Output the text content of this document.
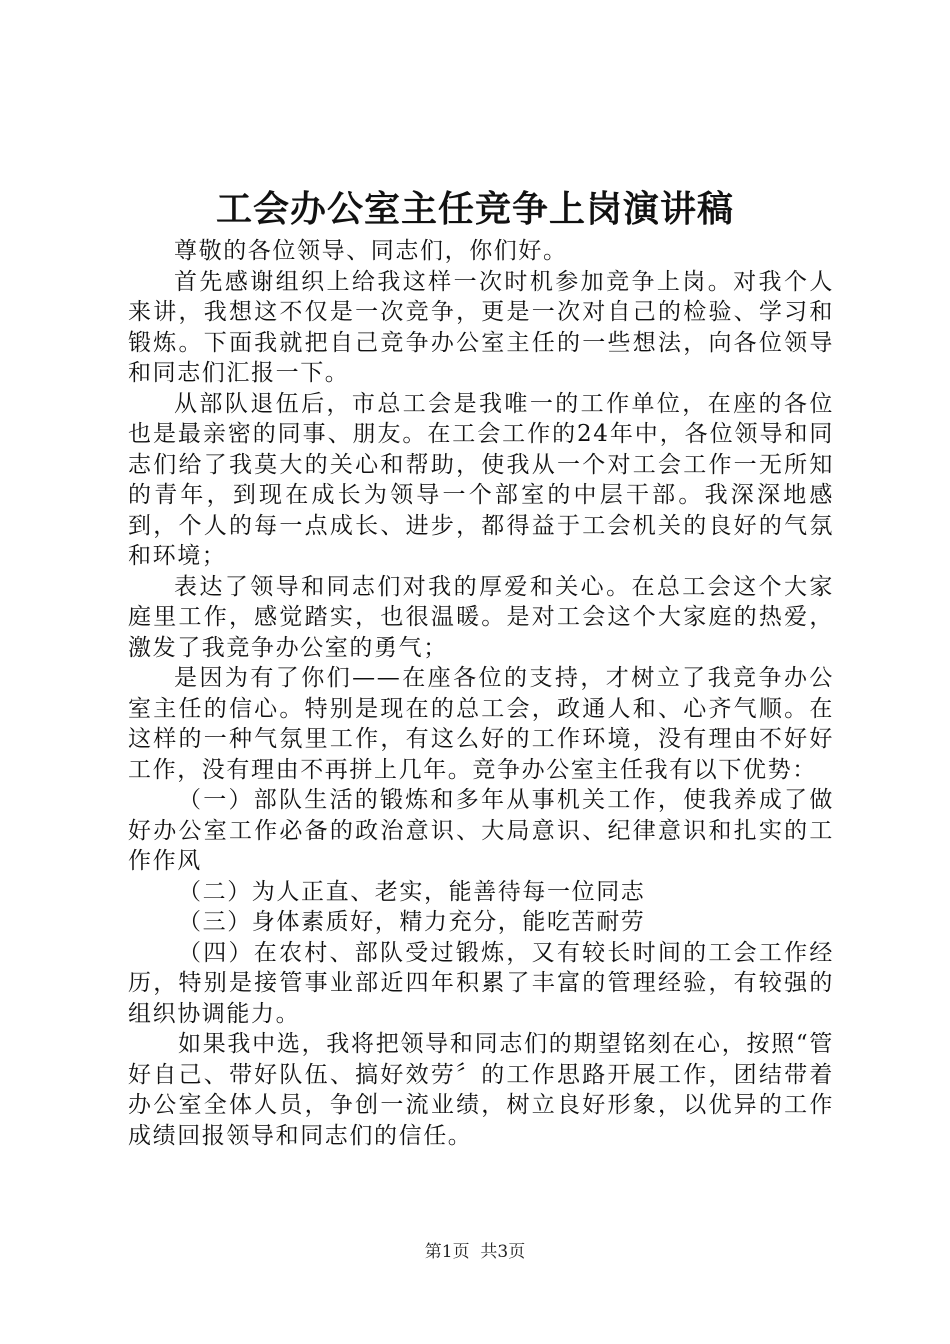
工会办公室主任竞争上岗演讲稿

尊敬的各位领导、同志们，你们好。

首先感谢组织上给我这样一次时机参加竞争上岗。对我个人来讲，我想这不仅是一次竞争，更是一次对自己的检验、学习和锻炼。下面我就把自己竞争办公室主任的一些想法，向各位领导和同志们汇报一下。

从部队退伍后，市总工会是我唯一的工作单位，在座的各位也是最亲密的同事、朋友。在工会工作的24年中，各位领导和同志们给了我莫大的关心和帮助，使我从一个对工会工作一无所知的青年，到现在成长为领导一个部室的中层干部。我深深地感到，个人的每一点成长、进步，都得益于工会机关的良好的气氛和环境；

表达了领导和同志们对我的厚爱和关心。在总工会这个大家庭里工作，感觉踏实，也很温暖。是对工会这个大家庭的热爱，激发了我竞争办公室的勇气；

是因为有了你们——在座各位的支持，才树立了我竞争办公室主任的信心。特别是现在的总工会，政通人和、心齐气顺。在这样的一种气氛里工作，有这么好的工作环境，没有理由不好好工作，没有理由不再拼上几年。竞争办公室主任我有以下优势：

（一）部队生活的锻炼和多年从事机关工作，使我养成了做好办公室工作必备的政治意识、大局意识、纪律意识和扎实的工作作风

（二）为人正直、老实，能善待每一位同志

（三）身体素质好，精力充分，能吃苦耐劳

（四）在农村、部队受过锻炼，又有较长时间的工会工作经历，特别是接管事业部近四年积累了丰富的管理经验，有较强的组织协调能力。

如果我中选，我将把领导和同志们的期望铭刻在心，按照“管好自己、带好队伍、搞好效劳〞的工作思路开展工作，团结带着办公室全体人员，争创一流业绩，树立良好形象，以优异的工作成绩回报领导和同志们的信任。

第1页 共3页
